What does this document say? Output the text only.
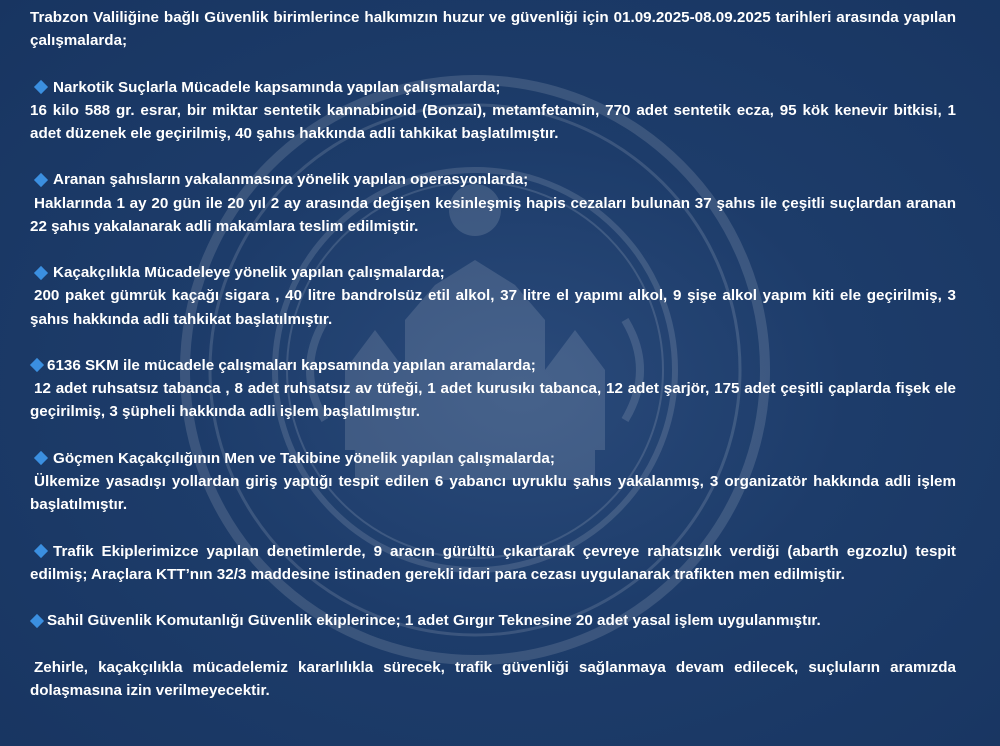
Trabzon Valiliğine bağlı Güvenlik birimlerince halkımızın huzur ve güvenliği için 01.09.2025-08.09.2025 tarihleri arasında yapılan çalışmalarda;

Narkotik Suçlarla Mücadele kapsamında yapılan çalışmalarda;
16 kilo 588 gr. esrar, bir miktar sentetik kannabinoid (Bonzai), metamfetamin, 770 adet sentetik ecza, 95 kök kenevir bitkisi, 1 adet düzenek ele geçirilmiş, 40 şahıs hakkında adli tahkikat başlatılmıştır.

Aranan şahısların yakalanmasına yönelik yapılan operasyonlarda;
Haklarında 1 ay 20 gün ile 20 yıl 2 ay arasında değişen kesinleşmiş hapis cezaları bulunan 37 şahıs ile çeşitli suçlardan aranan 22 şahıs yakalanarak adli makamlara teslim edilmiştir.

Kaçakçılıkla Mücadeleye yönelik yapılan çalışmalarda;
200 paket gümrük kaçağı sigara , 40 litre bandrolsüz etil alkol, 37 litre el yapımı alkol, 9 şişe alkol yapım kiti ele geçirilmiş, 3 şahıs hakkında adli tahkikat başlatılmıştır.

6136 SKM ile mücadele çalışmaları kapsamında yapılan aramalarda;
12 adet ruhsatsız tabanca , 8 adet ruhsatsız av tüfeği, 1 adet kurusıkı tabanca, 12 adet şarjör, 175 adet çeşitli çaplarda fişek ele geçirilmiş, 3 şüpheli hakkında adli işlem başlatılmıştır.

Göçmen Kaçakçılığının Men ve Takibine yönelik yapılan çalışmalarda;
Ülkemize yasadışı yollardan giriş yaptığı tespit edilen 6 yabancı uyruklu şahıs yakalanmış, 3 organizatör hakkında adli işlem başlatılmıştır.

Trafik Ekiplerimizce yapılan denetimlerde, 9 aracın gürültü çıkartarak çevreye rahatsızlık verdiği (abarth egzozlu) tespit edilmiş; Araçlara KTT’nın 32/3 maddesine istinaden gerekli idari para cezası uygulanarak trafikten men edilmiştir.

Sahil Güvenlik Komutanlığı Güvenlik ekiplerince; 1 adet Gırgır Teknesine 20 adet yasal işlem uygulanmıştır.

Zehirle, kaçakçılıkla mücadelemiz kararlılıkla sürecek, trafik güvenliği sağlanmaya devam edilecek, suçluların aramızda dolaşmasına izin verilmeyecektir.
